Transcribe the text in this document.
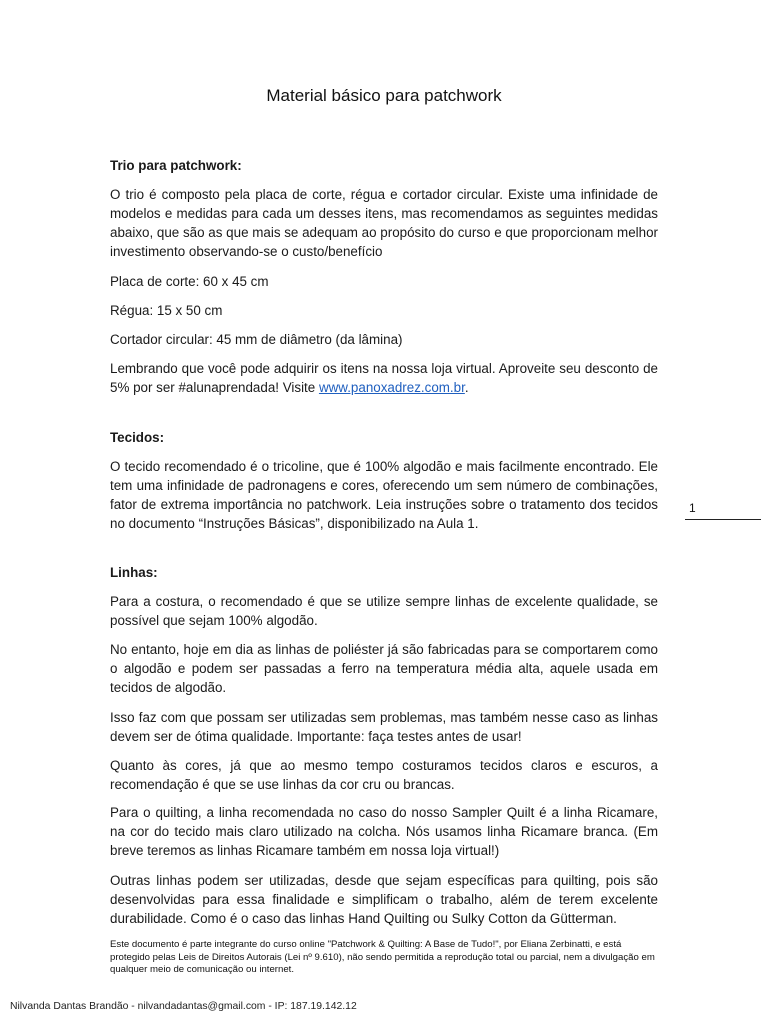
Material básico para patchwork
Trio para patchwork:
O trio é composto pela placa de corte, régua e cortador circular. Existe uma infinidade de modelos e medidas para cada um desses itens, mas recomendamos as seguintes medidas abaixo, que são as que mais se adequam ao propósito do curso e que proporcionam melhor investimento observando-se o custo/benefício
Placa de corte: 60 x 45 cm
Régua: 15 x 50 cm
Cortador circular: 45 mm de diâmetro (da lâmina)
Lembrando que você pode adquirir os itens na nossa loja virtual. Aproveite seu desconto de 5% por ser #alunaprendada! Visite www.panoxadrez.com.br.
Tecidos:
O tecido recomendado é o tricoline, que é 100% algodão e mais facilmente encontrado. Ele tem uma infinidade de padronagens e cores, oferecendo um sem número de combinações, fator de extrema importância no patchwork. Leia instruções sobre o tratamento dos tecidos no documento “Instruções Básicas”, disponibilizado na Aula 1.
Linhas:
Para a costura, o recomendado é que se utilize sempre linhas de excelente qualidade, se possível que sejam 100% algodão.
No entanto, hoje em dia as linhas de poliéster já são fabricadas para se comportarem como o algodão e podem ser passadas a ferro na temperatura média alta, aquele usada em tecidos de algodão.
Isso faz com que possam ser utilizadas sem problemas, mas também nesse caso as linhas devem ser de ótima qualidade. Importante: faça testes antes de usar!
Quanto às cores, já que ao mesmo tempo costuramos tecidos claros e escuros, a recomendação é que se use linhas da cor cru ou brancas.
Para o quilting, a linha recomendada no caso do nosso Sampler Quilt é a linha Ricamare, na cor do tecido mais claro utilizado na colcha. Nós usamos linha Ricamare branca. (Em breve teremos as linhas Ricamare também em nossa loja virtual!)
Outras linhas podem ser utilizadas, desde que sejam específicas para quilting, pois são desenvolvidas para essa finalidade e simplificam o trabalho, além de terem excelente durabilidade. Como é o caso das linhas Hand Quilting ou Sulky Cotton da Gütterman.
1
Este documento é parte integrante do curso online "Patchwork & Quilting: A Base de Tudo!", por Eliana Zerbinatti, e está protegido pelas Leis de Direitos Autorais (Lei nº 9.610), não sendo permitida a reprodução total ou parcial, nem a divulgação em qualquer meio de comunicação ou internet.
Nilvanda Dantas Brandão - nilvandadantas@gmail.com - IP: 187.19.142.12
